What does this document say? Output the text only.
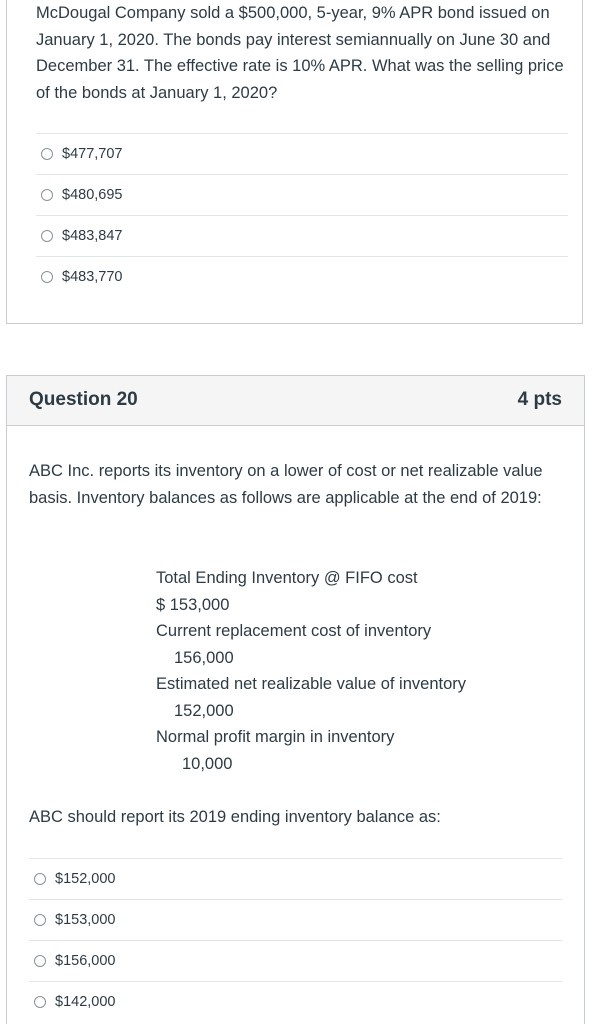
McDougal Company sold a $500,000, 5-year, 9% APR bond issued on January 1, 2020. The bonds pay interest semiannually on June 30 and December 31. The effective rate is 10% APR. What was the selling price of the bonds at January 1, 2020?
$477,707
$480,695
$483,847
$483,770
Question 20	4 pts
ABC Inc. reports its inventory on a lower of cost or net realizable value basis. Inventory balances as follows are applicable at the end of 2019:
Total Ending Inventory @ FIFO cost
$ 153,000
Current replacement cost of inventory
156,000
Estimated net realizable value of inventory
152,000
Normal profit margin in inventory
10,000
ABC should report its 2019 ending inventory balance as:
$152,000
$153,000
$156,000
$142,000
